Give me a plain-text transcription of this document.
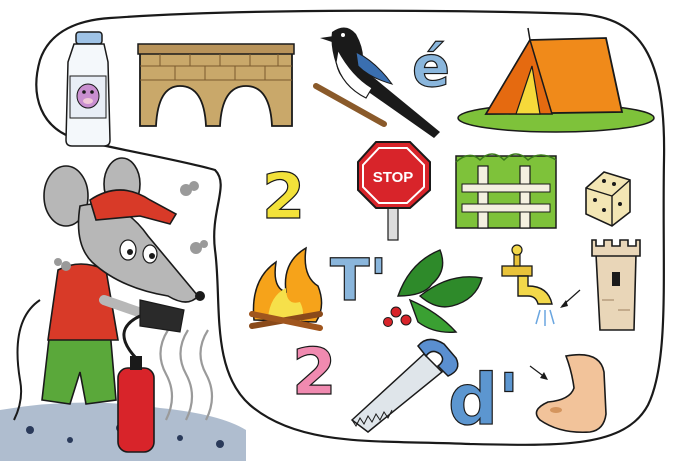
é
2	STOP
T'
2 d'
